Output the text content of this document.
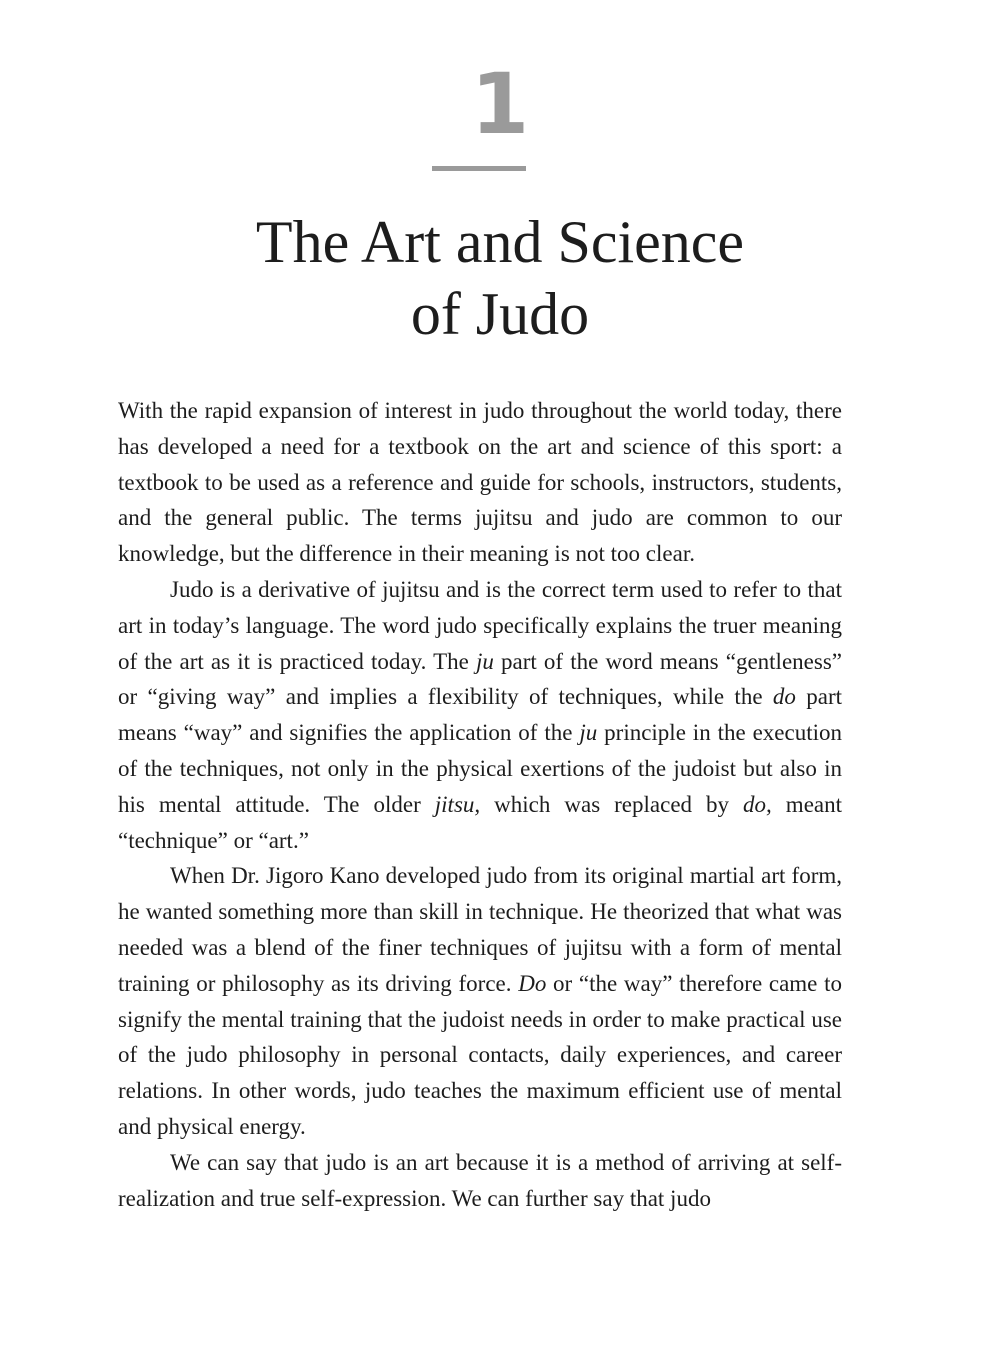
1
The Art and Science
of Judo

With the rapid expansion of interest in judo throughout the world today, there has developed a need for a textbook on the art and science of this sport: a textbook to be used as a reference and guide for schools, instructors, students, and the general public. The terms jujitsu and judo are common to our knowledge, but the difference in their meaning is not too clear.

Judo is a derivative of jujitsu and is the correct term used to refer to that art in today’s language. The word judo specifically explains the truer meaning of the art as it is practiced today. The ju part of the word means “gentleness” or “giving way” and implies a flexibility of techniques, while the do part means “way” and signifies the application of the ju principle in the execution of the techniques, not only in the physical exertions of the judoist but also in his mental attitude. The older jitsu, which was replaced by do, meant “technique” or “art.”

When Dr. Jigoro Kano developed judo from its original martial art form, he wanted something more than skill in technique. He theorized that what was needed was a blend of the finer techniques of jujitsu with a form of mental training or philosophy as its driving force. Do or “the way” therefore came to signify the mental training that the judoist needs in order to make practical use of the judo philosophy in personal contacts, daily experiences, and career relations. In other words, judo teaches the maximum efficient use of mental and physical energy.

We can say that judo is an art because it is a method of arriving at self-realization and true self-expression. We can further say that judo
